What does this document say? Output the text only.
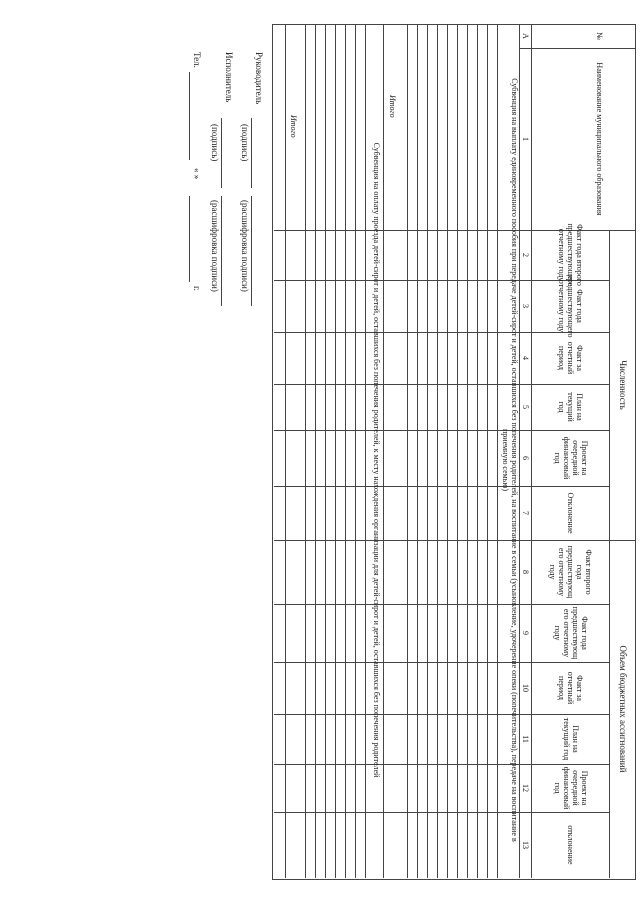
Численность
Объем бюджетных ассигнований
№
Наименование муниципального образования
Факт года второго предшествующего отчетному году
Факт года предшествующего отчетному году
Факт за отчетный период
План на текущий год
Проект на очередной финансовый год
Отклонение
Факт второго года предшествующ его отчетному году
Факт года предшествующ его отчетному году
Факт за отчетный период
План на текущий год
Проект на очередной финансовый год
отклонение
А
1
2
3
4
5
6
7
8
9
10
11
12
13
Субвенция на выплату единовременного пособия при передаче детей-сирот и детей, оставшихся без попечения родителей, на воспитание в семьи (усыновление, удочерение опеки (попечительства), передаче на воспитание в приемную семью)
Итого
Субвенция на оплату проезда детей-сирот и детей, оставшихся без попечения родителей, к месту нахождения организации для детей-сирот и детей, оставшихся без попечения родителей
Итого
Руководитель
(подпись)
(расшифровка подписи)
Исполнитель
(подпись)
(расшифровка подписи)
Тел.
« »
г.
